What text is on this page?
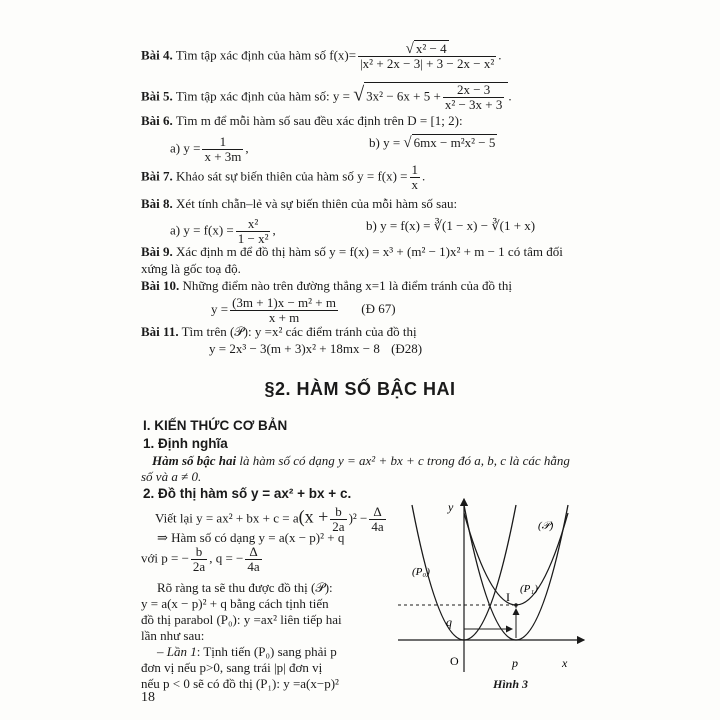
Bài 4. Tìm tập xác định của hàm số $f(x)= \frac{\text{√ x² − 4}}{\text{|x² + 2x − 3| + 3 − 2x − x²}}$ .
Bài 5. Tìm tập xác định của hàm số: y = √ $3x^2 - 6x + 5 + \frac{2x - 3}{\text{x² − 3x + 3}}$ .
Bài 6. Tìm m để mỗi hàm số sau đều xác định trên D = [1; 2):
a) $y = \frac{1}{x + 3m}$ ,	b) y = √ 6mx − m²x² − 5
Bài 7. Khảo sát sự biến thiên của hàm số $y = f(x) = \frac{1}{x}$ .
Bài 8. Xét tính chẵn–lẻ và sự biến thiên của mỗi hàm số sau:
a) $y = f(x) = \frac{\text{x²}}{\text{1 − x²}}$ ,	b) y = f(x) = ∛(1 − x) − ∛(1 + x)
Bài 9. Xác định m để đồ thị hàm số y = f(x) = x³ + (m² − 1)x² + m − 1 có tâm đối
xứng là gốc toạ độ.
Bài 10. Những điểm nào trên đường thẳng x=1 là điểm tránh của đồ thị
$y = \frac{\text{(3m + 1)x − m² + m}}{x + m}$ (Đ 67)
Bài 11. Tìm trên (𝒫): y =x² các điểm tránh của đồ thị
y = 2x³ − 3(m + 3)x² + 18mx − 8 (Đ28)
§2. HÀM SỐ BẬC HAI
I. KIẾN THỨC CƠ BẢN
1. Định nghĩa
Hàm số bậc hai là hàm số có dạng y = ax² + bx + c trong đó a, b, c là các hằng
số và a ≠ 0.
2. Đồ thị hàm số y = ax² + bx + c.
Viết lại y = ax² + bx + $c = a(x + \frac{b}{2a} )^2 - \frac{\Delta}{4a}$
⇒ Hàm số có dạng y = a(x − p)² + q
với p = − $\frac{b}{2a}$ , q = − $\frac{\Delta}{4a}$
Rõ ràng ta sẽ thu được đồ thị (𝒫):
y = a(x − p)² + q bằng cách tịnh tiến
đồ thị parabol (P₀): y =ax² liên tiếp hai
lần như sau:
– Lần 1: Tịnh tiến (P₀) sang phải p
đơn vị nếu p>0, sang trái |p| đơn vị
nếu p < 0 sẽ có đồ thị (P₁): y =a(x−p)²
y
x
O	p
q
I
(𝒫)
(P₀)
(P₁)
Hình 3
18
